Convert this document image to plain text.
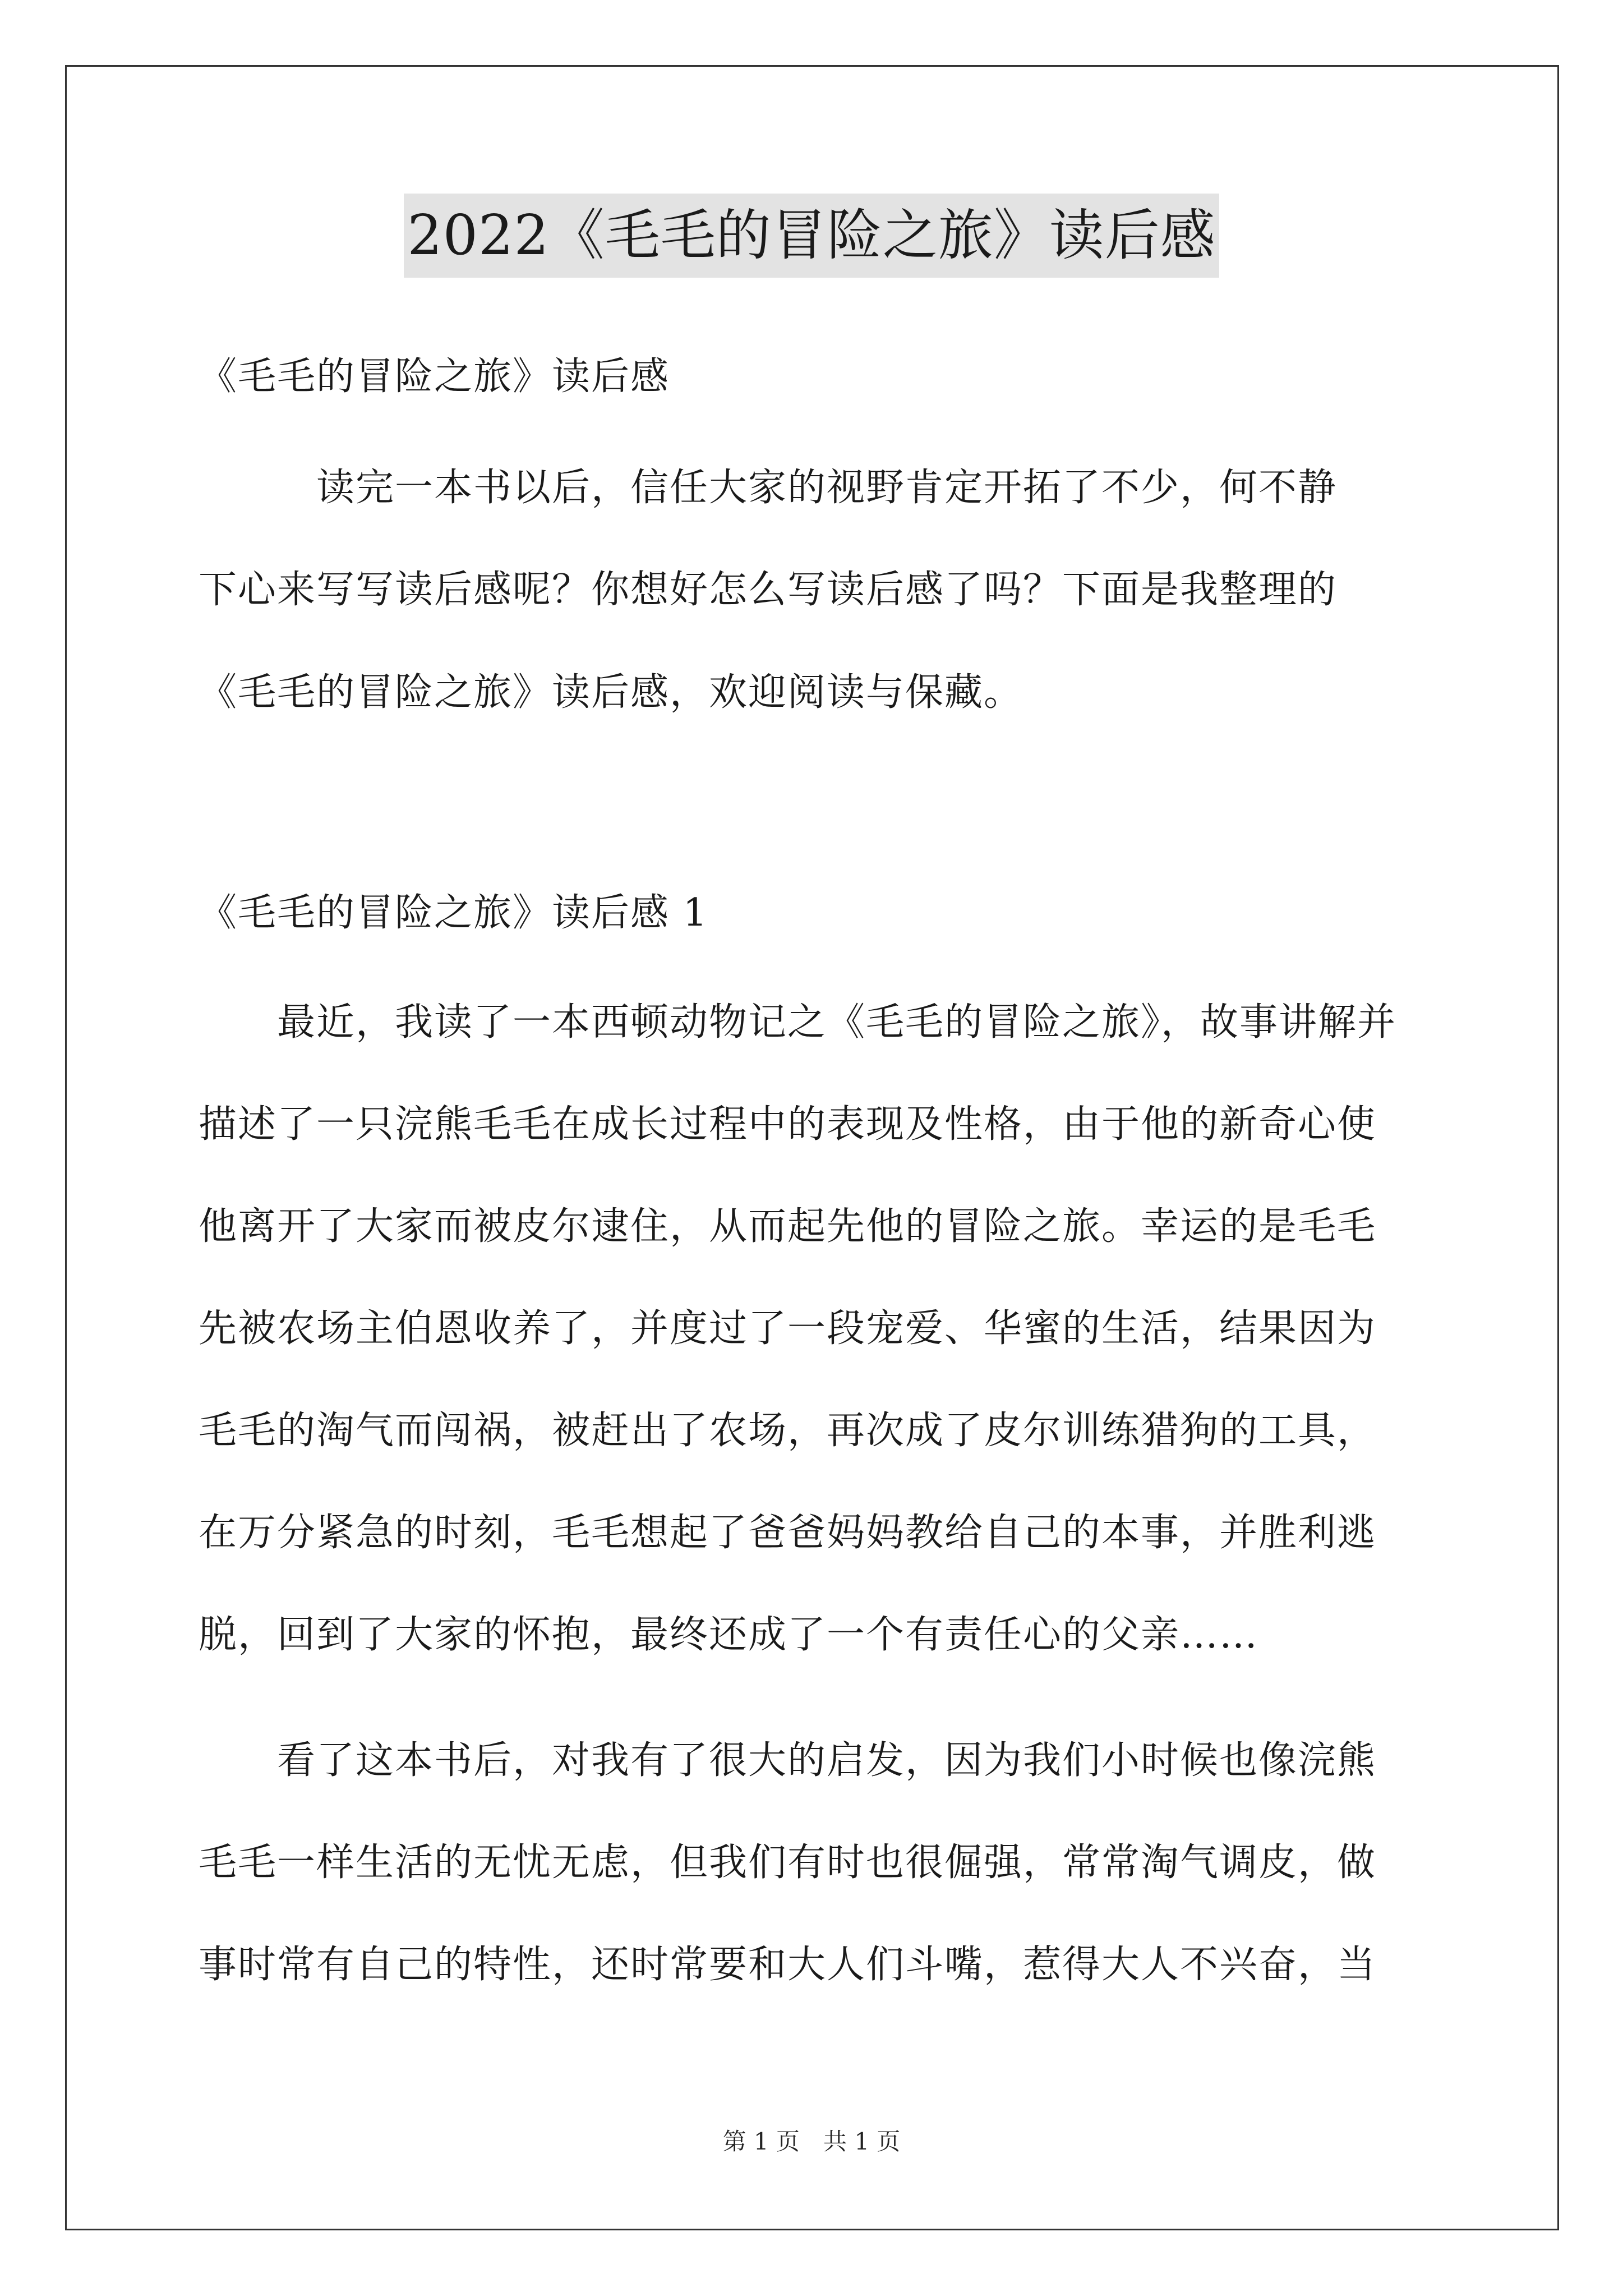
2022《毛毛的冒险之旅》读后感

《毛毛的冒险之旅》读后感

　　　读完一本书以后，信任大家的视野肯定开拓了不少，何不静

下心来写写读后感呢？你想好怎么写读后感了吗？下面是我整理的

《毛毛的冒险之旅》读后感，欢迎阅读与保藏。

《毛毛的冒险之旅》读后感 1

　　最近，我读了一本西顿动物记之《毛毛的冒险之旅》，故事讲解并

描述了一只浣熊毛毛在成长过程中的表现及性格，由于他的新奇心使

他离开了大家而被皮尔逮住，从而起先他的冒险之旅。幸运的是毛毛

先被农场主伯恩收养了，并度过了一段宠爱、华蜜的生活，结果因为

毛毛的淘气而闯祸，被赶出了农场，再次成了皮尔训练猎狗的工具，

在万分紧急的时刻，毛毛想起了爸爸妈妈教给自己的本事，并胜利逃

脱，回到了大家的怀抱，最终还成了一个有责任心的父亲……

　　看了这本书后，对我有了很大的启发，因为我们小时候也像浣熊

毛毛一样生活的无忧无虑，但我们有时也很倔强，常常淘气调皮，做

事时常有自己的特性，还时常要和大人们斗嘴，惹得大人不兴奋，当

第 1 页　共 1 页
